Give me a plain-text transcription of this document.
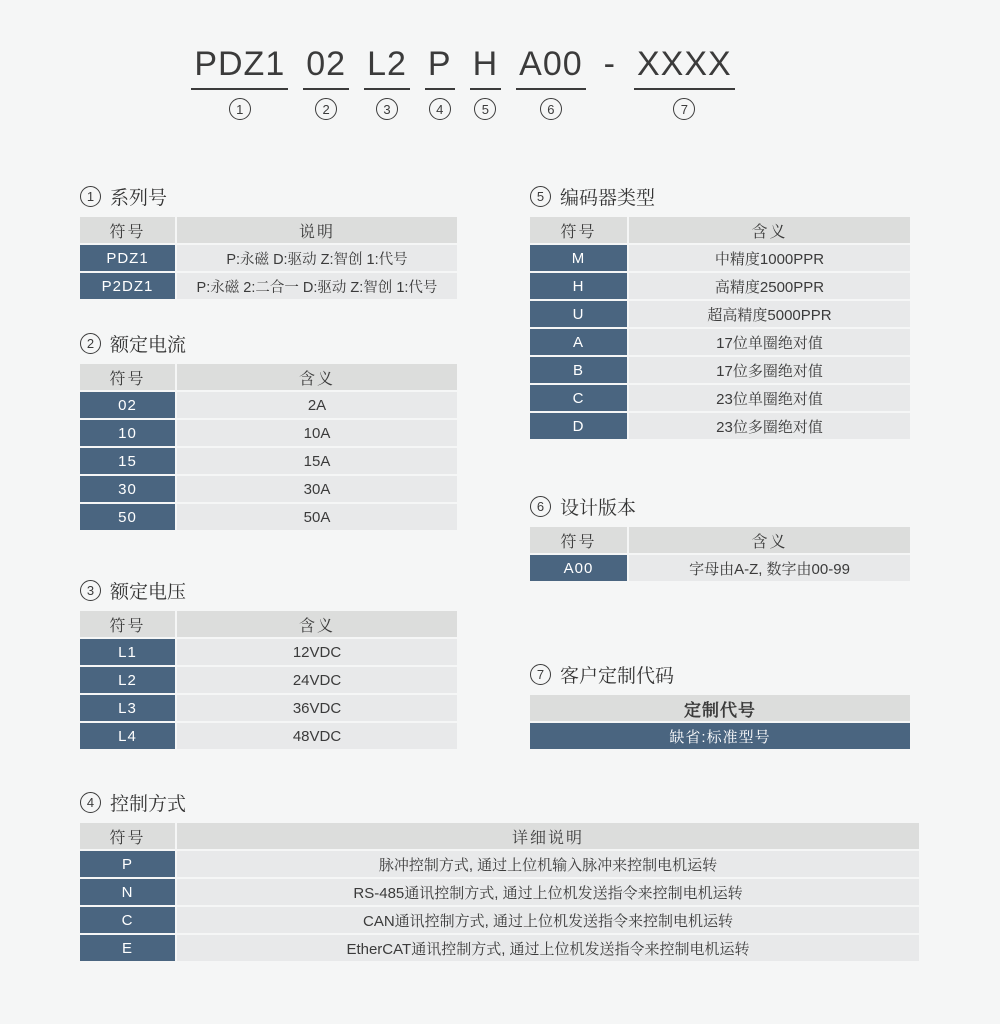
PDZ1
1
02
2
L2
3
P
4
H
5
A00
6
- XXXX
7
1 系列号
符号	说明
PDZ1	P:永磁 D:驱动 Z:智创 1:代号
P2DZ1	P:永磁 2:二合一 D:驱动 Z:智创 1:代号
2 额定电流
符号	含义
02	2A
10	10A
15	15A
30	30A
50	50A
3 额定电压
符号	含义
L1	12VDC
L2	24VDC
L3	36VDC
L4	48VDC
5 编码器类型
符号	含义
M	中精度1000PPR
H	高精度2500PPR
U	超高精度5000PPR
A	17位单圈绝对值
B	17位多圈绝对值
C	23位单圈绝对值
D	23位多圈绝对值
6 设计版本
符号	含义
A00	字母由A-Z, 数字由00-99
7 客户定制代码
定制代号
缺省:标准型号
4 控制方式
符号	详细说明
P	脉冲控制方式, 通过上位机输入脉冲来控制电机运转
N	RS-485通讯控制方式, 通过上位机发送指令来控制电机运转
C	CAN通讯控制方式, 通过上位机发送指令来控制电机运转
E	EtherCAT通讯控制方式, 通过上位机发送指令来控制电机运转
